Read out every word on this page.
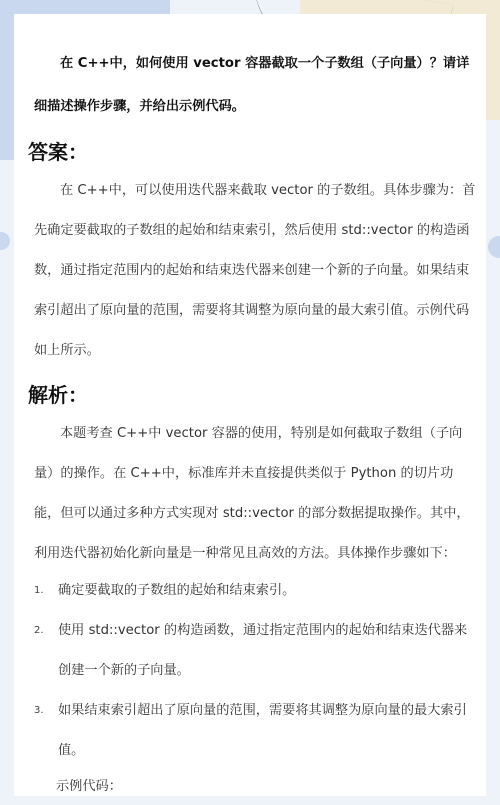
在 C++中，如何使用 vector 容器截取一个子数组（子向量）？请详细描述操作步骤，并给出示例代码。

答案：

在 C++中，可以使用迭代器来截取 vector 的子数组。具体步骤为：首先确定要截取的子数组的起始和结束索引，然后使用 std::vector 的构造函数，通过指定范围内的起始和结束迭代器来创建一个新的子向量。如果结束索引超出了原向量的范围，需要将其调整为原向量的最大索引值。示例代码如上所示。

解析：

本题考查 C++中 vector 容器的使用，特别是如何截取子数组（子向量）的操作。在 C++中，标准库并未直接提供类似于 Python 的切片功能，但可以通过多种方式实现对 std::vector 的部分数据提取操作。其中，利用迭代器初始化新向量是一种常见且高效的方法。具体操作步骤如下：

1. 确定要截取的子数组的起始和结束索引。
2. 使用 std::vector 的构造函数，通过指定范围内的起始和结束迭代器来创建一个新的子向量。
3. 如果结束索引超出了原向量的范围，需要将其调整为原向量的最大索引值。

示例代码：
